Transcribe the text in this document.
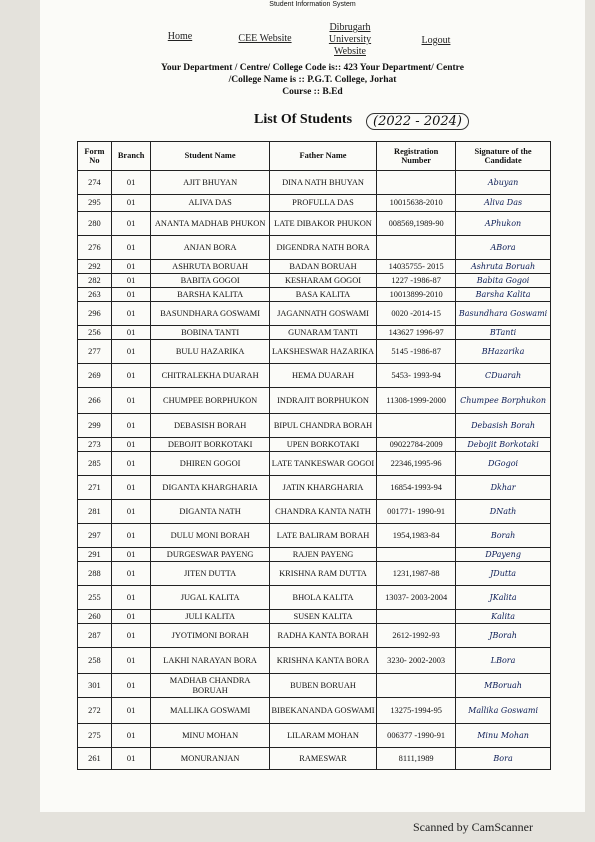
Student Information System
Home	CEE Website
Dibrugarh
University
Website
Logout
Your Department / Centre/ College Code is:: 423 Your Department/ Centre
/College Name is :: P.G.T. College, Jorhat
Course :: B.Ed
List Of Students	(2022 - 2024)
Form No	Branch	Student Name	Father Name	Registration Number	Signature of the Candidate
274	01	AJIT BHUYAN	DINA NATH BHUYAN		Abuyan
295	01	ALIVA DAS	PROFULLA DAS	10015638-2010	Aliva Das
280	01	ANANTA MADHAB PHUKON	LATE DIBAKOR PHUKON	008569,1989-90	APhukon
276	01	ANJAN BORA	DIGENDRA NATH BORA		ABora
292	01	ASHRUTA BORUAH	BADAN BORUAH	14035755- 2015	Ashruta Boruah
282	01	BABITA GOGOI	KESHARAM GOGOI	1227 -1986-87	Babita Gogoi
263	01	BARSHA KALITA	BASA KALITA	10013899-2010	Barsha Kalita
296	01	BASUNDHARA GOSWAMI	JAGANNATH GOSWAMI	0020 -2014-15	Basundhara Goswami
256	01	BOBINA TANTI	GUNARAM TANTI	143627 1996-97	BTanti
277	01	BULU HAZARIKA	LAKSHESWAR HAZARIKA	5145 -1986-87	BHazarika
269	01	CHITRALEKHA DUARAH	HEMA DUARAH	5453- 1993-94	CDuarah
266	01	CHUMPEE BORPHUKON	INDRAJIT BORPHUKON	11308-1999-2000	Chumpee Borphukon
299	01	DEBASISH BORAH	BIPUL CHANDRA BORAH		Debasish Borah
273	01	DEBOJIT BORKOTAKI	UPEN BORKOTAKI	09022784-2009	Debojit Borkotaki
285	01	DHIREN GOGOI	LATE TANKESWAR GOGOI	22346,1995-96	DGogoi
271	01	DIGANTA KHARGHARIA	JATIN KHARGHARIA	16854-1993-94	Dkhar
281	01	DIGANTA NATH	CHANDRA KANTA NATH	001771- 1990-91	DNath
297	01	DULU MONI BORAH	LATE BALIRAM BORAH	1954,1983-84	Borah
291	01	DURGESWAR PAYENG	RAJEN PAYENG		DPayeng
288	01	JITEN DUTTA	KRISHNA RAM DUTTA	1231,1987-88	JDutta
255	01	JUGAL KALITA	BHOLA KALITA	13037- 2003-2004	JKalita
260	01	JULI KALITA	SUSEN KALITA		Kalita
287	01	JYOTIMONI BORAH	RADHA KANTA BORAH	2612-1992-93	JBorah
258	01	LAKHI NARAYAN BORA	KRISHNA KANTA BORA	3230- 2002-2003	LBora
301	01	MADHAB CHANDRA BORUAH	BUBEN BORUAH		MBoruah
272	01	MALLIKA GOSWAMI	BIBEKANANDA GOSWAMI	13275-1994-95	Mallika Goswami
275	01	MINU MOHAN	LILARAM MOHAN	006377 -1990-91	Minu Mohan
261	01	MONURANJAN	RAMESWAR	8111,1989	Bora
Scanned by CamScanner
